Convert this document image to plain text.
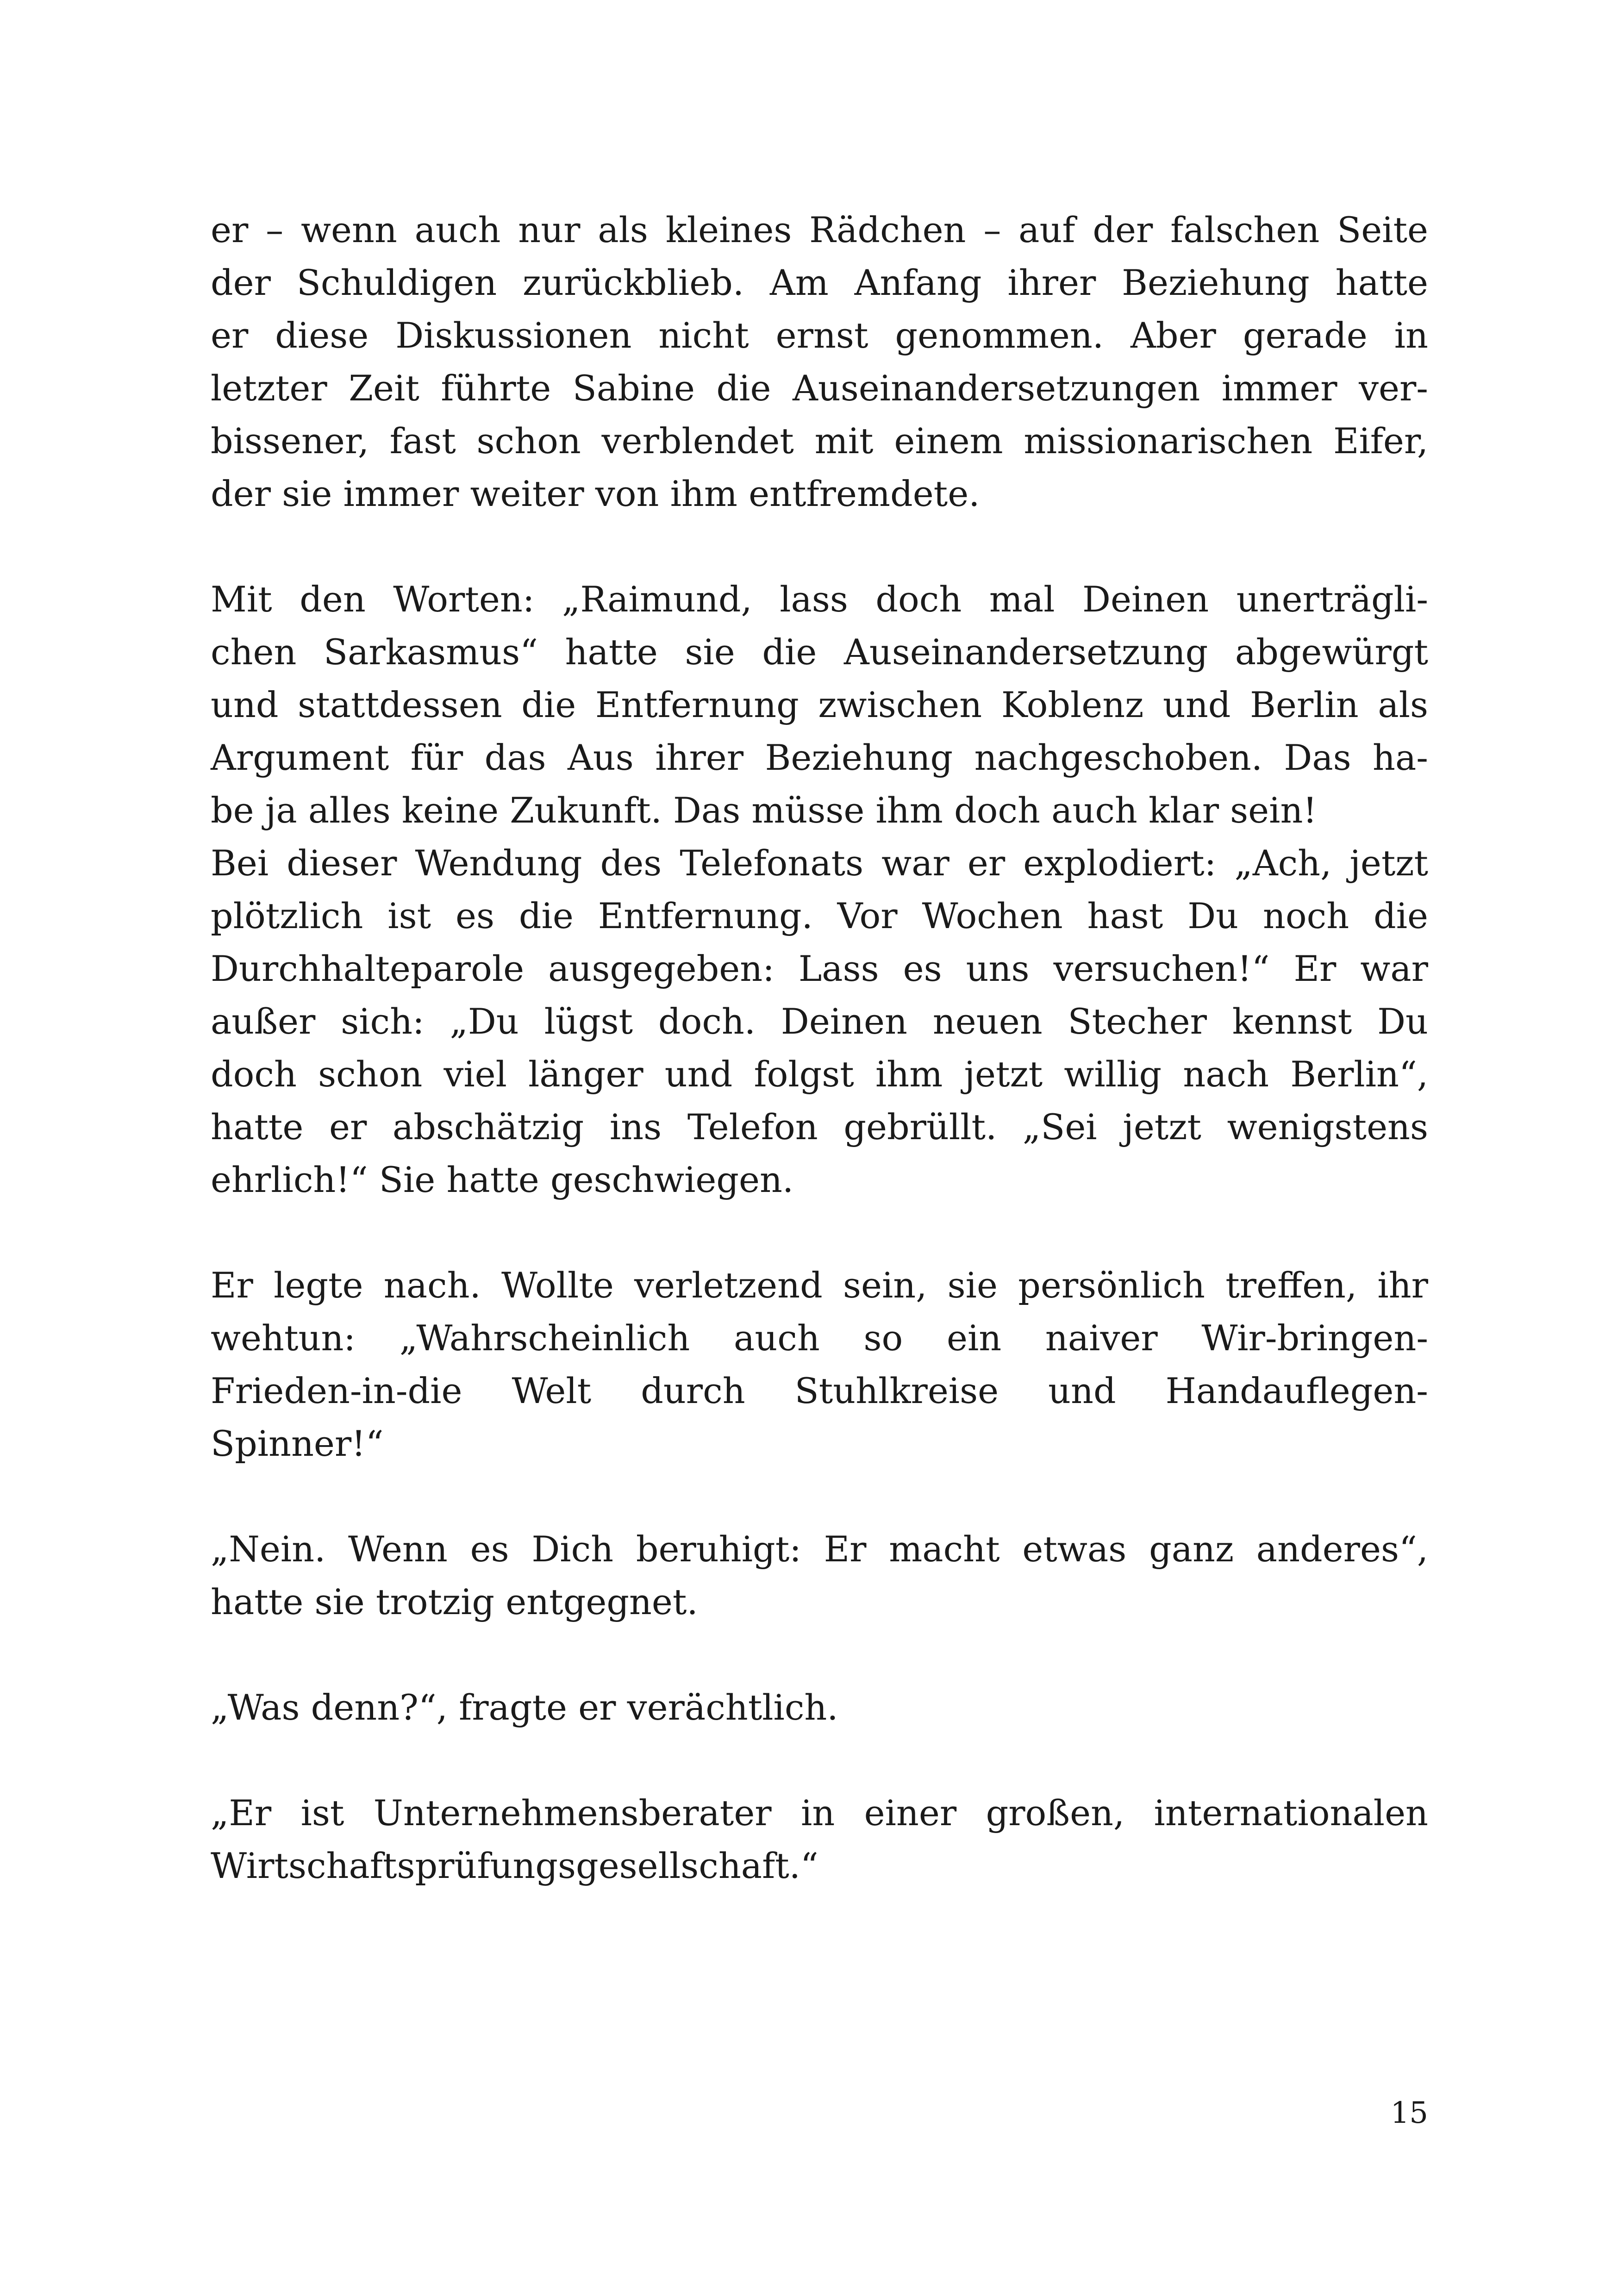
er – wenn auch nur als kleines Rädchen – auf der falschen Seite
der Schuldigen zurückblieb. Am Anfang ihrer Beziehung hatte
er diese Diskussionen nicht ernst genommen. Aber gerade in
letzter Zeit führte Sabine die Auseinandersetzungen immer ver-
bissener, fast schon verblendet mit einem missionarischen Eifer,
der sie immer weiter von ihm entfremdete.
Mit den Worten: „Raimund, lass doch mal Deinen unerträgli-
chen Sarkasmus“ hatte sie die Auseinandersetzung abgewürgt
und stattdessen die Entfernung zwischen Koblenz und Berlin als
Argument für das Aus ihrer Beziehung nachgeschoben. Das ha-
be ja alles keine Zukunft. Das müsse ihm doch auch klar sein!
Bei dieser Wendung des Telefonats war er explodiert: „Ach, jetzt
plötzlich ist es die Entfernung. Vor Wochen hast Du noch die
Durchhalteparole ausgegeben: Lass es uns versuchen!“ Er war
außer sich: „Du lügst doch. Deinen neuen Stecher kennst Du
doch schon viel länger und folgst ihm jetzt willig nach Berlin“,
hatte er abschätzig ins Telefon gebrüllt. „Sei jetzt wenigstens
ehrlich!“ Sie hatte geschwiegen.
Er legte nach. Wollte verletzend sein, sie persönlich treffen, ihr
wehtun: „Wahrscheinlich auch so ein naiver Wir-bringen-
Frieden-in-die Welt durch Stuhlkreise und Handauflegen-
Spinner!“
„Nein. Wenn es Dich beruhigt: Er macht etwas ganz anderes“,
hatte sie trotzig entgegnet.
„Was denn?“, fragte er verächtlich.
„Er ist Unternehmensberater in einer großen, internationalen
Wirtschaftsprüfungsgesellschaft.“
15
